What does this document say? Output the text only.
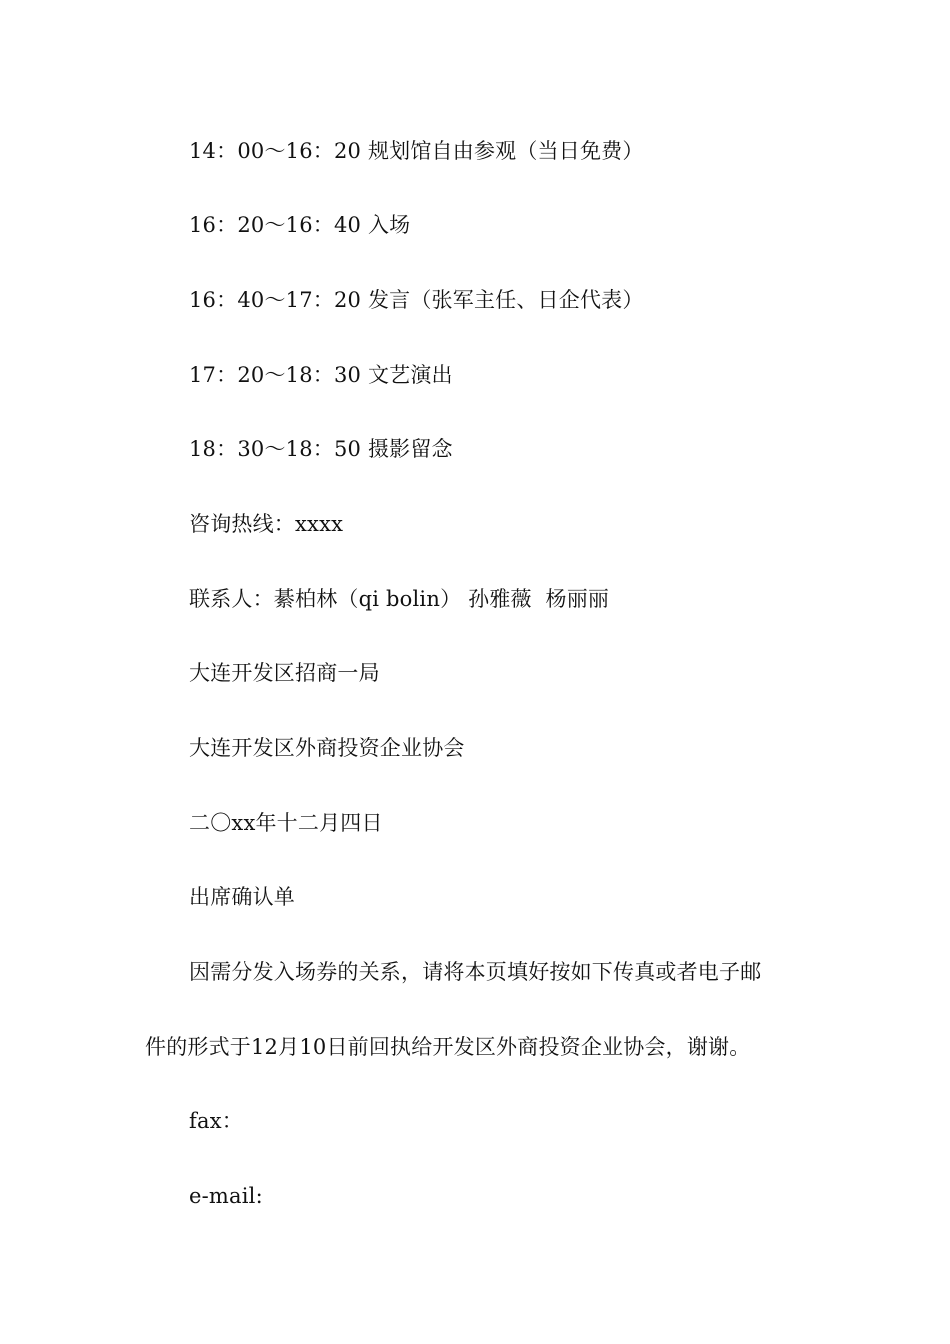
14：00～16：20 规划馆自由参观（当日免费）
16：20～16：40 入场
16：40～17：20 发言（张军主任、日企代表）
17：20～18：30 文艺演出
18：30～18：50 摄影留念
咨询热线：xxxx
联系人：綦柏林（qi bolin） 孙雅薇  杨丽丽
大连开发区招商一局
大连开发区外商投资企业协会
二〇xx年十二月四日
出席确认单
因需分发入场券的关系，请将本页填好按如下传真或者电子邮
件的形式于12月10日前回执给开发区外商投资企业协会，谢谢。
fax：
e-mail:
